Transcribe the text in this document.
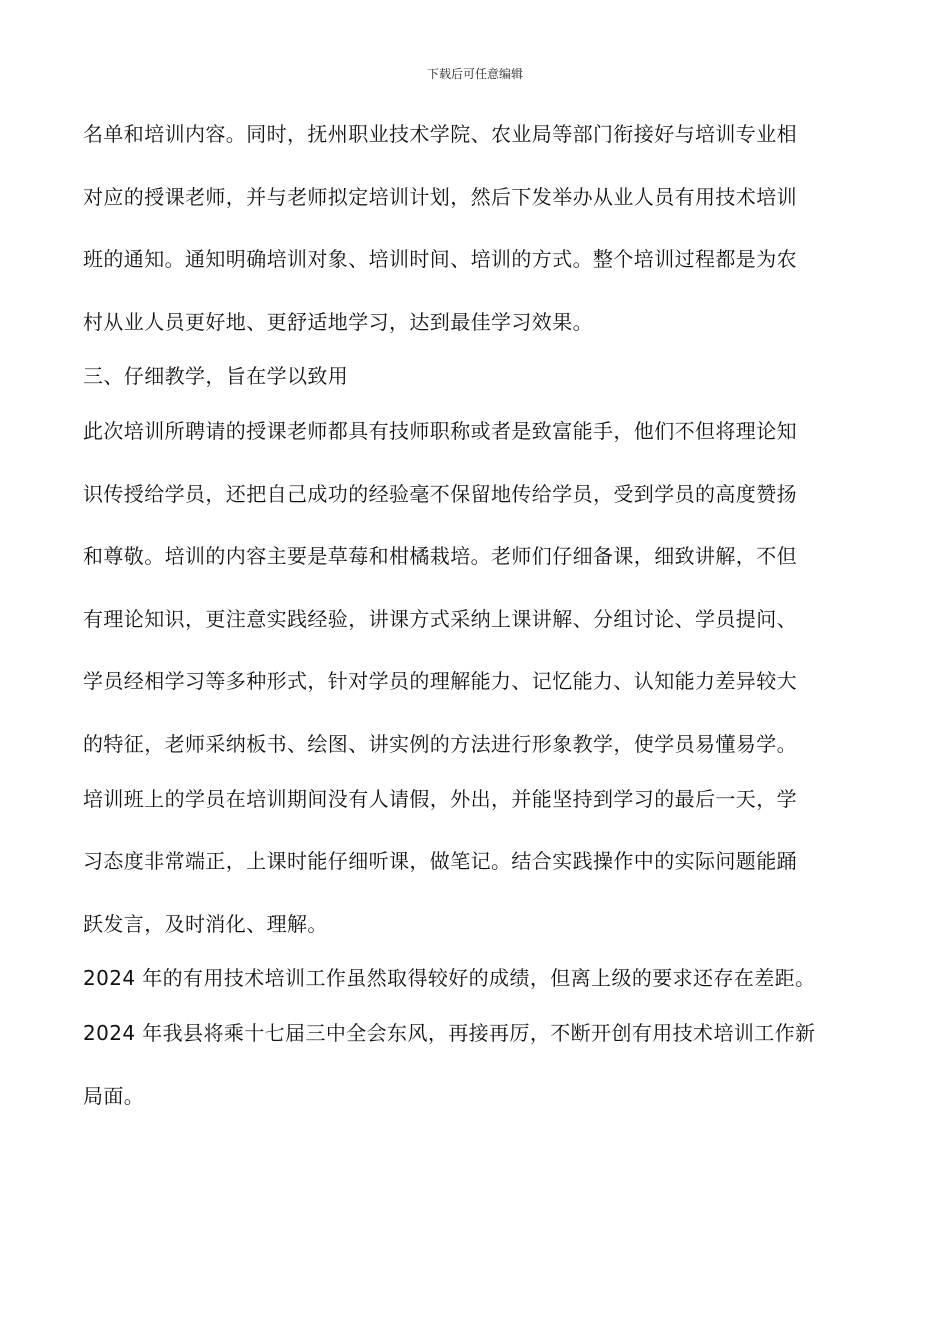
下载后可任意编辑
名单和培训内容。同时，抚州职业技术学院、农业局等部门衔接好与培训专业相
对应的授课老师，并与老师拟定培训计划，然后下发举办从业人员有用技术培训
班的通知。通知明确培训对象、培训时间、培训的方式。整个培训过程都是为农
村从业人员更好地、更舒适地学习，达到最佳学习效果。
三、仔细教学，旨在学以致用
此次培训所聘请的授课老师都具有技师职称或者是致富能手，他们不但将理论知
识传授给学员，还把自己成功的经验毫不保留地传给学员，受到学员的高度赞扬
和尊敬。培训的内容主要是草莓和柑橘栽培。老师们仔细备课，细致讲解，不但
有理论知识，更注意实践经验，讲课方式采纳上课讲解、分组讨论、学员提问、
学员经相学习等多种形式，针对学员的理解能力、记忆能力、认知能力差异较大
的特征，老师采纳板书、绘图、讲实例的方法进行形象教学，使学员易懂易学。
培训班上的学员在培训期间没有人请假，外出，并能坚持到学习的最后一天，学
习态度非常端正，上课时能仔细听课，做笔记。结合实践操作中的实际问题能踊
跃发言，及时消化、理解。
2024 年的有用技术培训工作虽然取得较好的成绩，但离上级的要求还存在差距。
2024 年我县将乘十七届三中全会东风，再接再厉，不断开创有用技术培训工作新
局面。
